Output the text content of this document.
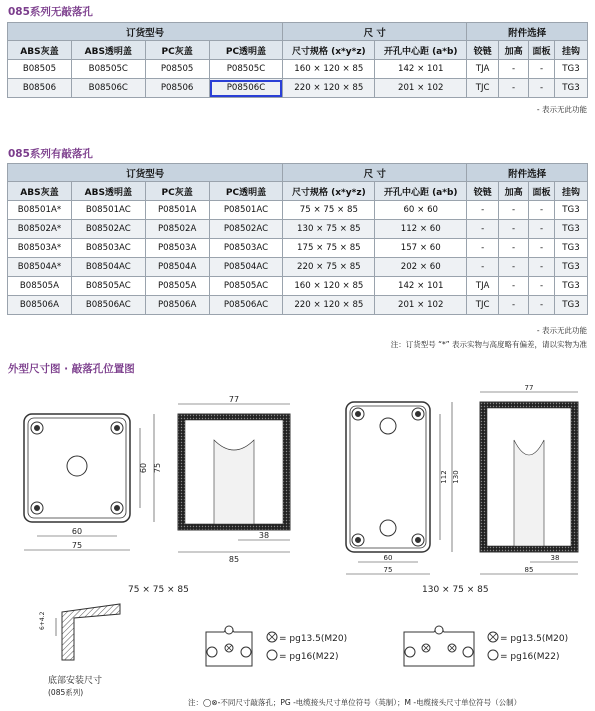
085系列无敲落孔
订货型号				尺 寸		附件选择			
ABS灰盖	ABS透明盖	PC灰盖	PC透明盖	尺寸规格 (x*y*z)	开孔中心距 (a*b)	铰链	加高	面板	挂钩
B08505	B08505C	P08505	P08505C	160 × 120 × 85	142 × 101	TJA	-	-	TG3
B08506	B08506C	P08506	P08506C	220 × 120 × 85	201 × 102	TJC	-	-	TG3
- 表示无此功能
085系列有敲落孔
订货型号				尺 寸		附件选择			
ABS灰盖	ABS透明盖	PC灰盖	PC透明盖	尺寸规格 (x*y*z)	开孔中心距 (a*b)	铰链	加高	面板	挂钩
B08501A*	B08501AC	P08501A	P08501AC	75 × 75 × 85	60 × 60	-	-	-	TG3
B08502A*	B08502AC	P08502A	P08502AC	130 × 75 × 85	112 × 60	-	-	-	TG3
B08503A*	B08503AC	P08503A	P08503AC	175 × 75 × 85	157 × 60	-	-	-	TG3
B08504A*	B08504AC	P08504A	P08504AC	220 × 75 × 85	202 × 60	-	-	-	TG3
B08505A	B08505AC	P08505A	P08505AC	160 × 120 × 85	142 × 101	TJA	-	-	TG3
B08506A	B08506AC	P08506A	P08506AC	220 × 120 × 85	201 × 102	TJC	-	-	TG3
- 表示无此功能
注：订货型号 “*” 表示实物与高度略有偏差，请以实物为准
外型尺寸图 · 敲落孔位置图
60
75
60 75
77
38
85	60
75
112 130
77
38
85
6+4.2
= pg13.5(M20)
= pg16(M22)
= pg13.5(M20)
= pg16(M22)
75 × 75 × 85	130 × 75 × 85
底部安装尺寸
(085系列)
注：◯⊗-不同尺寸敲落孔；PG -电缆接头尺寸单位符号（英制）；M -电缆接头尺寸单位符号（公制）
